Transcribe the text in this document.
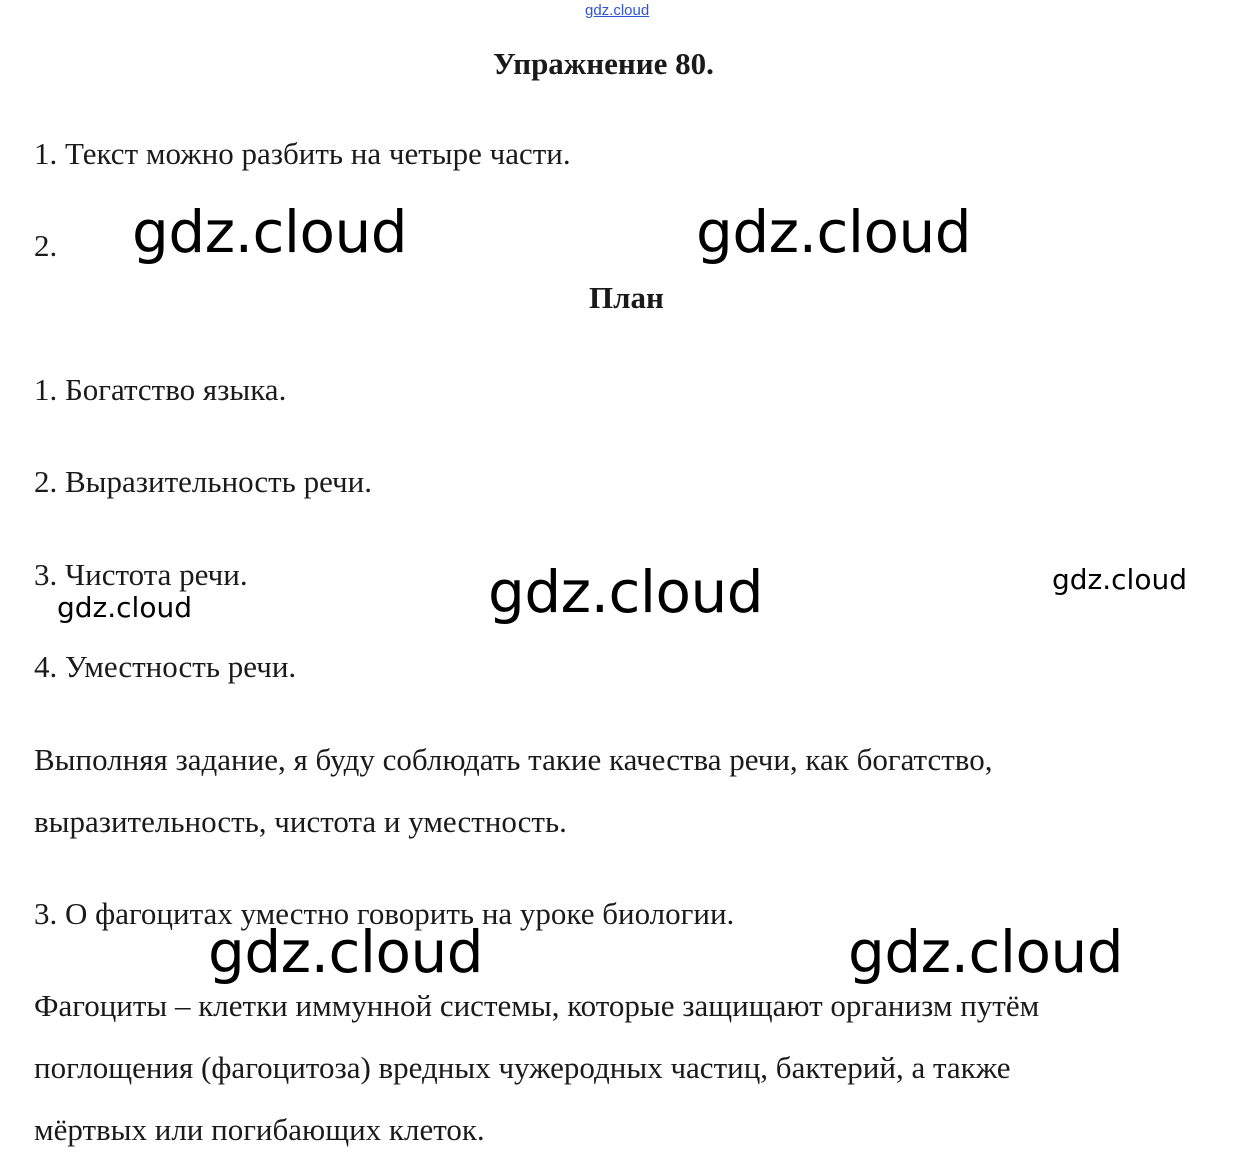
gdz.cloud
Упражнение 80.
1. Текст можно разбить на четыре части.
2. gdz.cloud	gdz.cloud
План
1. Богатство языка.
2. Выразительность речи.
3. Чистота речи.
gdz.cloud	gdz.cloud	gdz.cloud
4. Уместность речи.
Выполняя задание, я буду соблюдать такие качества речи, как богатство,
выразительность, чистота и уместность.
3. О фагоцитах уместно говорить на уроке биологии.
gdz.cloud	gdz.cloud
Фагоциты – клетки иммунной системы, которые защищают организм путём
поглощения (фагоцитоза) вредных чужеродных частиц, бактерий, а также
мёртвых или погибающих клеток.
